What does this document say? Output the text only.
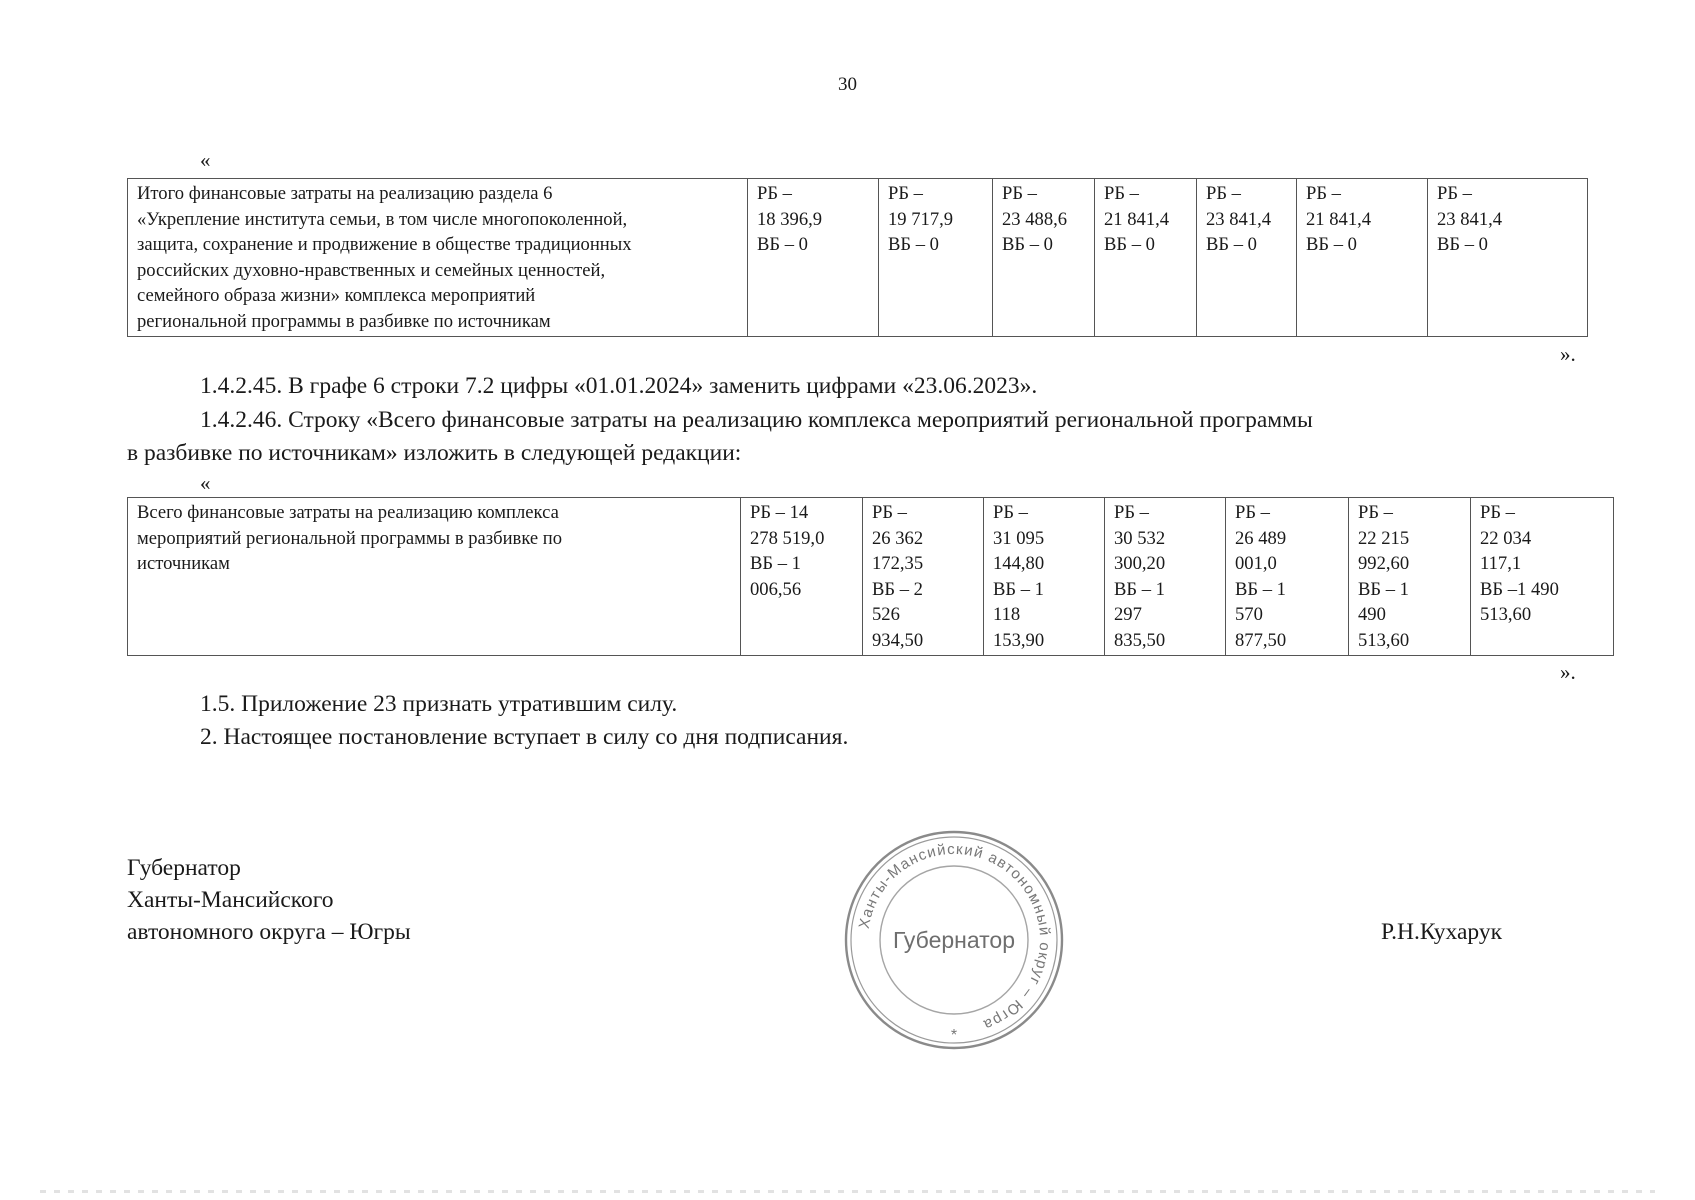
30
«
Итого финансовые затраты на реализацию раздела 6
«Укрепление института семьи, в том числе многопоколенной,
защита, сохранение и продвижение в обществе традиционных
российских духовно-нравственных и семейных ценностей,
семейного образа жизни» комплекса мероприятий
региональной программы в разбивке по источникам	РБ –
18 396,9
ВБ – 0	РБ –
19 717,9
ВБ – 0	РБ –
23 488,6
ВБ – 0	РБ –
21 841,4
ВБ – 0	РБ –
23 841,4
ВБ – 0	РБ –
21 841,4
ВБ – 0	РБ –
23 841,4
ВБ – 0
».
1.4.2.45. В графе 6 строки 7.2 цифры «01.01.2024» заменить цифрами «23.06.2023».
1.4.2.46. Строку «Всего финансовые затраты на реализацию комплекса мероприятий региональной программы
в разбивке по источникам» изложить в следующей редакции:
«
Всего финансовые затраты на реализацию комплекса
мероприятий региональной программы в разбивке по
источникам	РБ – 14
278 519,0
ВБ – 1
006,56	РБ –
26 362
172,35
ВБ – 2
526
934,50	РБ –
31 095
144,80
ВБ – 1
118
153,90	РБ –
30 532
300,20
ВБ – 1
297
835,50	РБ –
26 489
001,0
ВБ – 1
570
877,50	РБ –
22 215
992,60
ВБ – 1
490
513,60	РБ –
22 034
117,1
ВБ –1 490
513,60
».
1.5. Приложение 23 признать утратившим силу.
2. Настоящее постановление вступает в силу со дня подписания.
Губернатор
Ханты-Мансийского
автономного округа – Югры	Р.Н.Кухарук
Ханты-Мансийский автономный округ – Югра
Губернатор
*
